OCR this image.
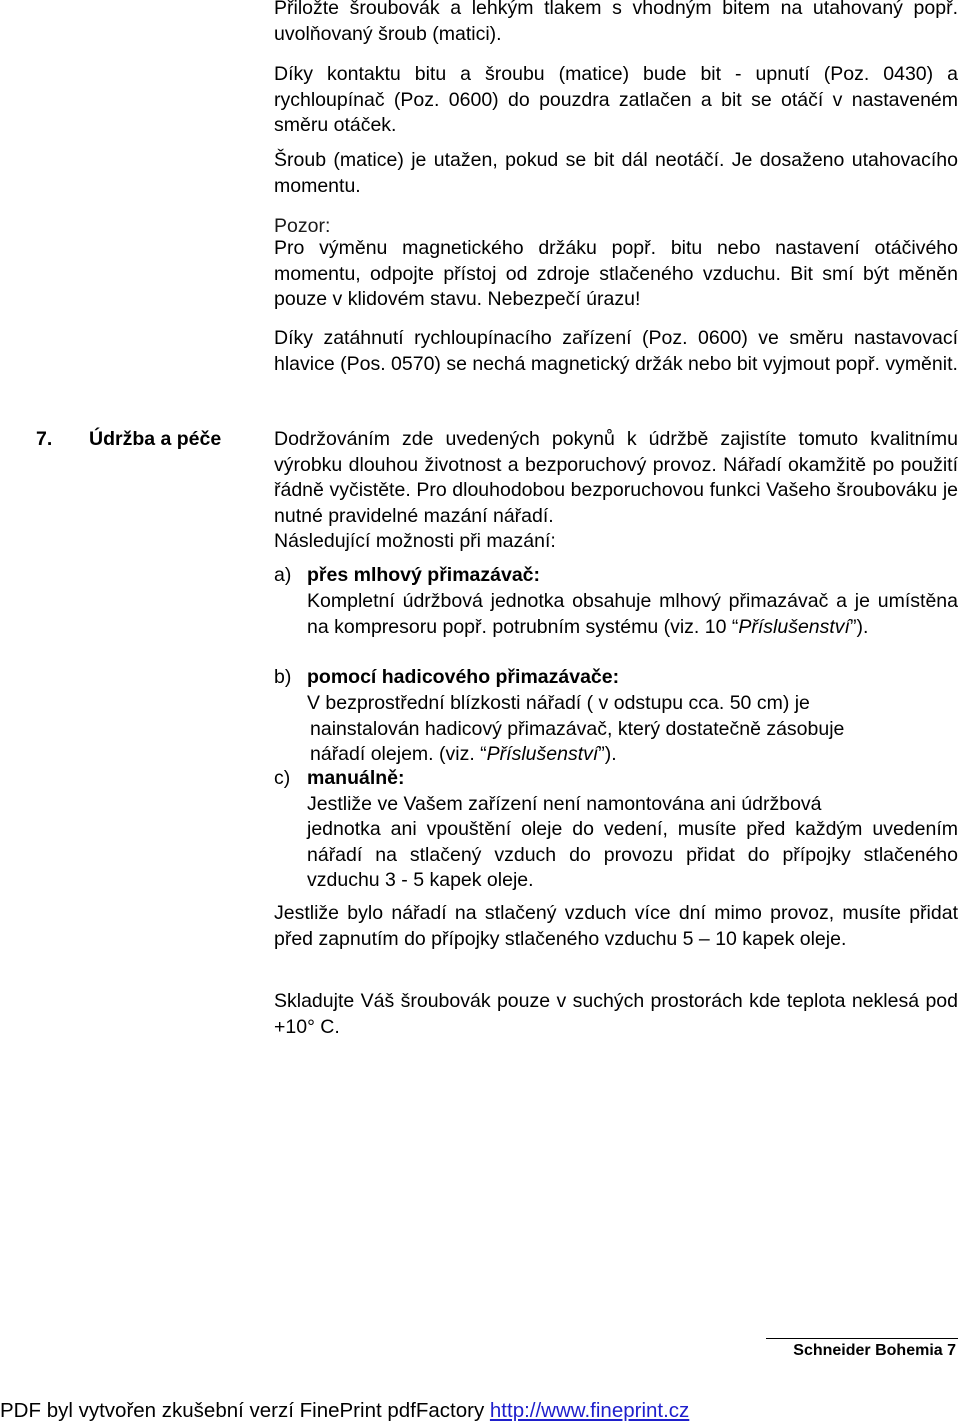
Přiložte šroubovák a lehkým tlakem s vhodným bitem na utahovaný popř. uvolňovaný šroub (matici).

Díky kontaktu bitu a šroubu (matice) bude bit - upnutí (Poz. 0430) a rychloupínač (Poz. 0600) do pouzdra zatlačen a bit se otáčí v nastaveném směru otáček.

Šroub (matice) je utažen, pokud se bit dál neotáčí. Je dosaženo utahovacího momentu.

Pozor:

Pro výměnu magnetického držáku popř. bitu nebo nastavení otáčivého momentu, odpojte přístoj od zdroje stlačeného vzduchu. Bit smí být měněn pouze v klidovém stavu. Nebezpečí úrazu!

Díky zatáhnutí rychloupínacího zařízení (Poz. 0600) ve směru nastavovací hlavice (Pos. 0570) se nechá magnetický držák nebo bit vyjmout popř. vyměnit.

7. Údržba a péče	Dodržováním zde uvedených pokynů k údržbě zajistíte tomuto kvalitnímu výrobku dlouhou životnost a bezporuchový provoz. Nářadí okamžitě po použití řádně vyčistěte. Pro dlouhodobou bezporuchovou funkci Vašeho šroubováku je nutné pravidelné mazání nářadí.

Následující možnosti při mazání:

a) přes mlhový přimazávač:

Kompletní údržbová jednotka obsahuje mlhový přimazávač a je umístěna na kompresoru popř. potrubním systému (viz. 10 “Příslušenství”).

b) pomocí hadicového přimazávače:
V bezprostřední blízkosti nářadí ( v odstupu cca. 50 cm) je
nainstalován hadicový přimazávač, který dostatečně zásobuje
nářadí olejem. (viz. “Příslušenství”).
c) manuálně:
Jestliže ve Vašem zařízení není namontována ani údržbová

jednotka ani vpouštění oleje do vedení, musíte před každým uvedením nářadí na stlačený vzduch do provozu přidat do přípojky stlačeného vzduchu 3 - 5 kapek oleje.

Jestliže bylo nářadí na stlačený vzduch více dní mimo provoz, musíte přidat před zapnutím do přípojky stlačeného vzduchu 5 – 10 kapek oleje.

Skladujte Váš šroubovák pouze v suchých prostorách kde teplota neklesá pod +10° C.

Schneider Bohemia 7
PDF byl vytvořen zkušební verzí FinePrint pdfFactory http://www.fineprint.cz
